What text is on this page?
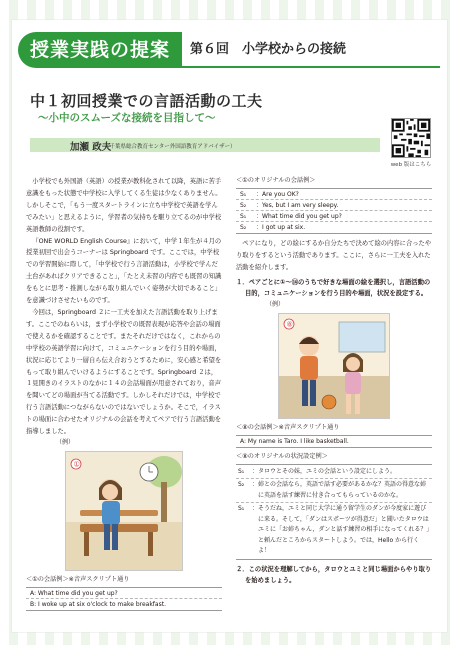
授業実践の提案	第６回　小学校からの接続
中１初回授業での言語活動の工夫
〜小中のスムーズな接続を目指して〜
加瀬 政夫
（千葉県総合教育センター外国語教育アドバイザー）
web 版はこちら

小学校でも外国語（英語）の授業が教科化されて以降，英語に苦手意識をもった状態で中学校に入学してくる生徒は少なくありません。しかしそこで，「もう一度スタートラインに立ち中学校で英語を学んでみたい」と思えるように，学習者の気持ちを駆り立てるのが中学校英語教師の役割です。

『ONE WORLD English Course』において，中学１年生が４月の授業初回で出会うコーナーは Springboard です。ここでは，中学校での学習開始に際して，「中学校で行う言語活動は，小学校で学んだ土台があればクリアできること」，「たとえ未習の内容でも既習の知識をもとに思考・推測しながら取り組んでいく姿勢が大切であること」を意識づけさせたいものです。

今回は，Springboard ２に一工夫を加えた言語活動を取り上げます。ここでのねらいは，まず小学校での既習表現が応答や会話の場面で使えるかを確認することです。またそれだけではなく，これからの中学校の英語学習に向けて，コミュニケーションを行う目的や場面，状況に応じてより一層自ら伝え合おうとするために，安心感と希望をもって取り組んでいけるようにすることです。Springboard ２は，１見開きのイラストのなかに１４の会話場面が用意されており，音声を聞いてどの場面が当てる活動です。しかしそれだけでは，中学校で行う言語活動につながらないのではないでしょうか。そこで，イラストの場面に合わせたオリジナルの会話を考えてペアで行う言語活動を指導しました。

（例）
①
＜①の会話例＞※音声スクリプト通り
A: What time did you get up?
B: I woke up at six o'clock to make breakfast.
＜①のオリジナルの会話例＞
S₁	： Are you OK?
S₂	： Yes, but I am very sleepy.
S₁	： What time did you get up?
S₂	： I got up at six.

ペアになり，どの絵にするか自分たちで決めて絵の内容に合ったやり取りをするという活動であります。ここに，さらに一工夫を入れた活動を紹介します。

１．ペアごとに①〜⑭のうちで好きな場面の絵を選択し，言語活動の目的，コミュニケーションを行う目的や場面，状況を設定する。
（例）
⑧
＜⑧の会話例＞※音声スクリプト通り
A: My name is Taro. I like basketball.
＜⑧のオリジナルの状況設定例＞
S₁	： タロウとその妹，ユミの会話という設定にしよう。
S₂	： 姉との会話なら，英語で話す必要があるかな？英語の得意な姉に英語を話す練習に付き合ってもらっているのかな。
S₁	： そうだね，ユミと同じ大学に通う留学生のダンが今度家に遊びに来る。そして，「ダンはスポーツが得意だ」と聞いたタロウはユミに「お姉ちゃん，ダンと話す練習の相手になってくれる？」と頼んだところからスタートしよう。では，Hello から行くよ！
２．この状況を理解してから，タロウとユミと同じ場面からやり取りを始めましょう。
